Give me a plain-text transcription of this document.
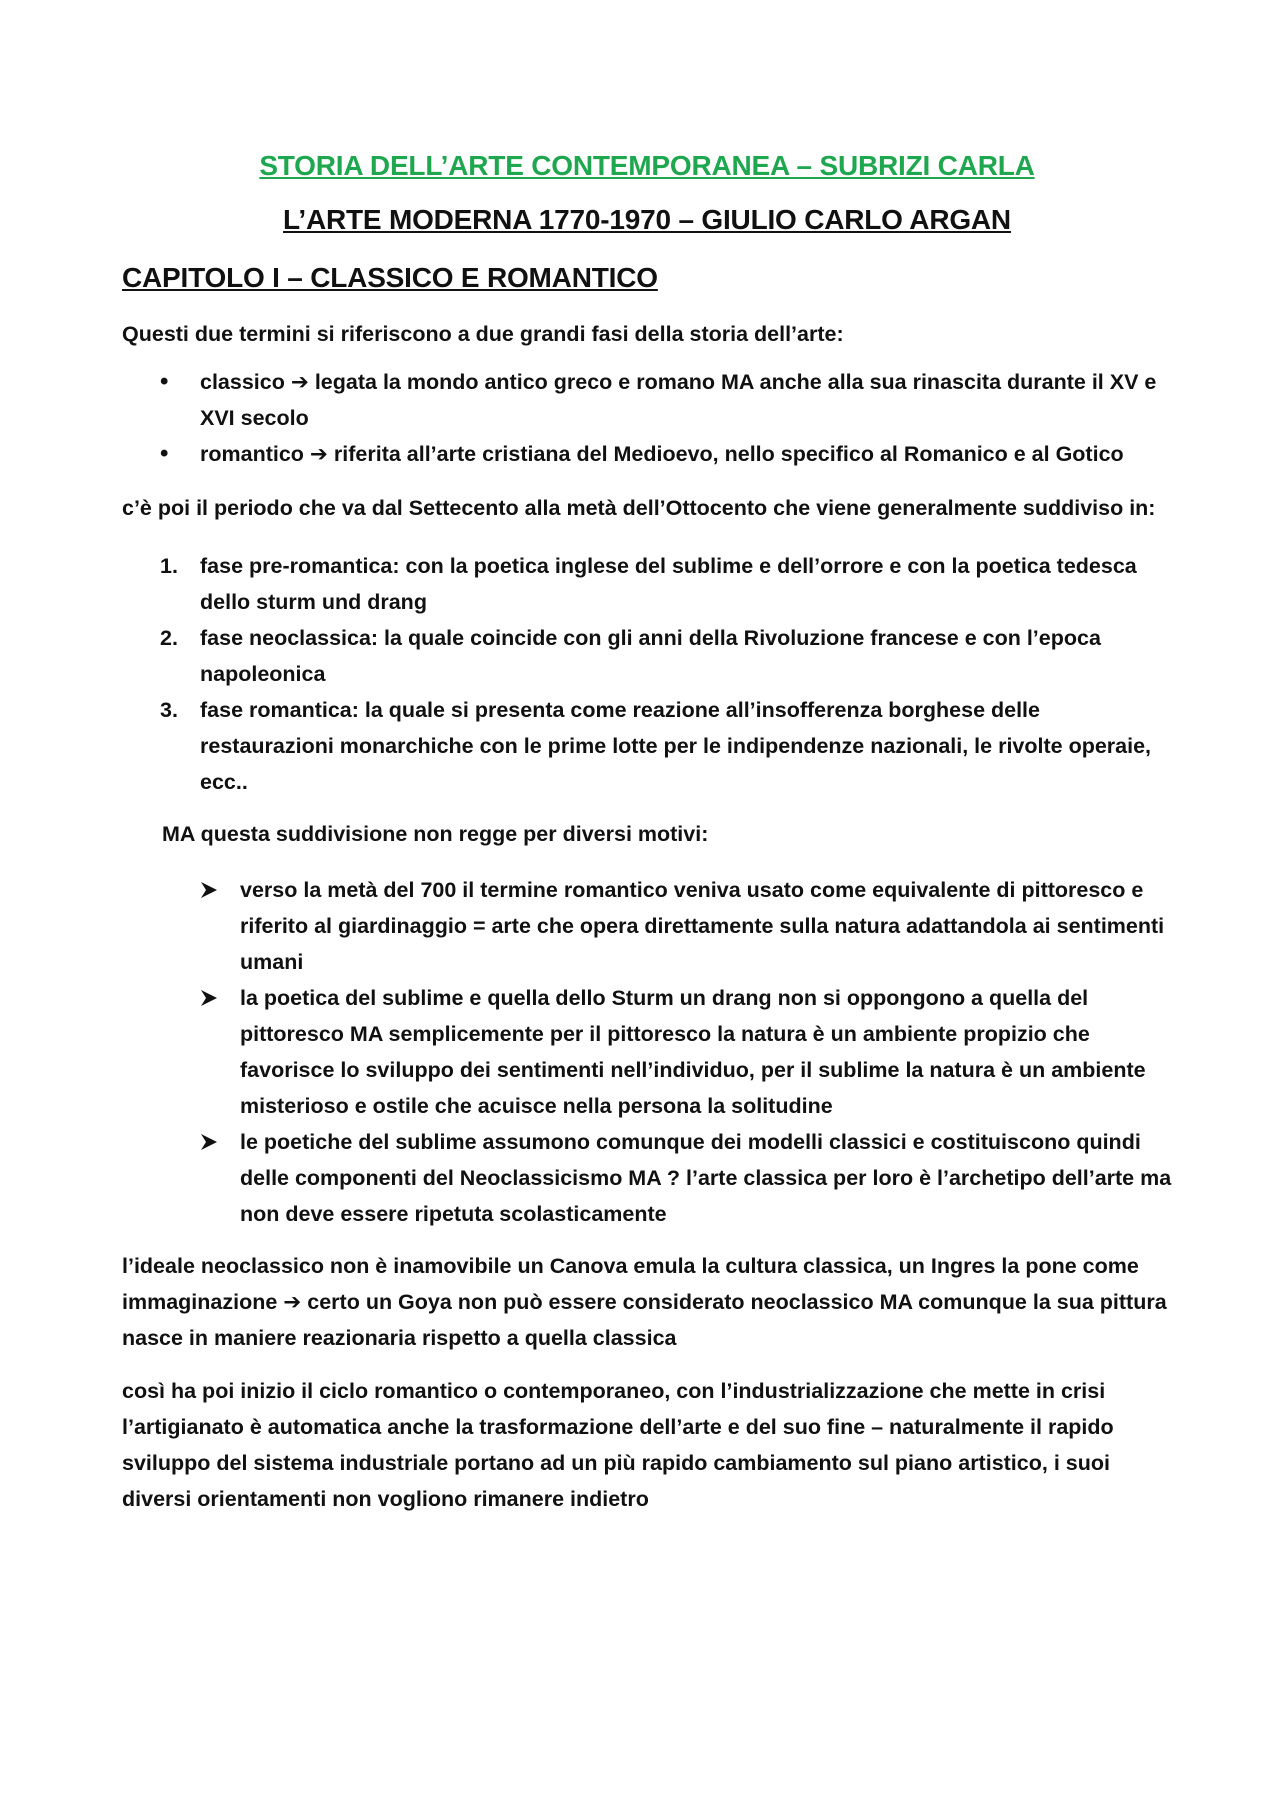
STORIA DELL’ARTE CONTEMPORANEA – SUBRIZI CARLA
L’ARTE MODERNA 1770-1970 – GIULIO CARLO ARGAN
CAPITOLO I – CLASSICO E ROMANTICO

Questi due termini si riferiscono a due grandi fasi della storia dell’arte:

• classico ➔ legata la mondo antico greco e romano MA anche alla sua rinascita durante il XV e XVI secolo
• romantico ➔ riferita all’arte cristiana del Medioevo, nello specifico al Romanico e al Gotico

c’è poi il periodo che va dal Settecento alla metà dell’Ottocento che viene generalmente suddiviso in:

1. fase pre-romantica: con la poetica inglese del sublime e dell’orrore e con la poetica tedesca dello sturm und drang
2. fase neoclassica: la quale coincide con gli anni della Rivoluzione francese e con l’epoca napoleonica
3. fase romantica: la quale si presenta come reazione all’insofferenza borghese delle restaurazioni monarchiche con le prime lotte per le indipendenze nazionali, le rivolte operaie, ecc..

MA questa suddivisione non regge per diversi motivi:

verso la metà del 700 il termine romantico veniva usato come equivalente di pittoresco e riferito al giardinaggio = arte che opera direttamente sulla natura adattandola ai sentimenti umani
la poetica del sublime e quella dello Sturm un drang non si oppongono a quella del pittoresco MA semplicemente per il pittoresco la natura è un ambiente propizio che favorisce lo sviluppo dei sentimenti nell’individuo, per il sublime la natura è un ambiente misterioso e ostile che acuisce nella persona la solitudine
le poetiche del sublime assumono comunque dei modelli classici e costituiscono quindi delle componenti del Neoclassicismo MA ? l’arte classica per loro è l’archetipo dell’arte ma non deve essere ripetuta scolasticamente

l’ideale neoclassico non è inamovibile un Canova emula la cultura classica, un Ingres la pone come immaginazione ➔ certo un Goya non può essere considerato neoclassico MA comunque la sua pittura nasce in maniere reazionaria rispetto a quella classica

così ha poi inizio il ciclo romantico o contemporaneo, con l’industrializzazione che mette in crisi l’artigianato è automatica anche la trasformazione dell’arte e del suo fine – naturalmente il rapido sviluppo del sistema industriale portano ad un più rapido cambiamento sul piano artistico, i suoi diversi orientamenti non vogliono rimanere indietro
